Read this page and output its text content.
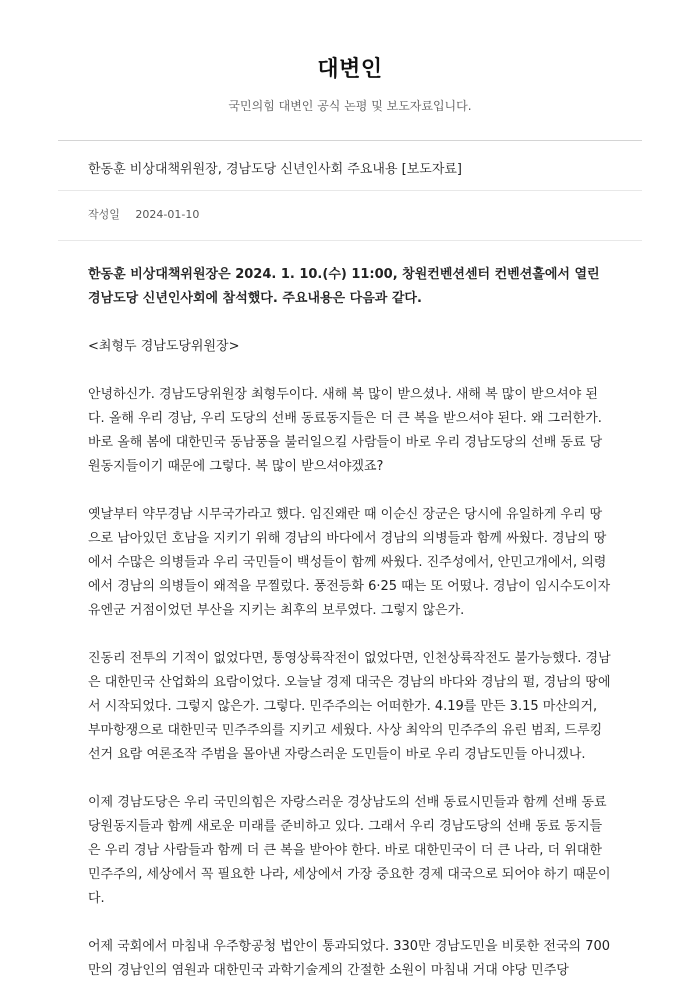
대변인
국민의힘 대변인 공식 논평 및 보도자료입니다.
한동훈 비상대책위원장, 경남도당 신년인사회 주요내용 [보도자료]
작성일 2024-01-10

한동훈 비상대책위원장은 2024. 1. 10.(수) 11:00, 창원컨벤션센터 컨벤션홀에서 열린 경남도당 신년인사회에 참석했다. 주요내용은 다음과 같다.

<최형두 경남도당위원장>

안녕하신가. 경남도당위원장 최형두이다. 새해 복 많이 받으셨나. 새해 복 많이 받으셔야 된다. 올해 우리 경남, 우리 도당의 선배 동료동지들은 더 큰 복을 받으셔야 된다. 왜 그러한가. 바로 올해 봄에 대한민국 동남풍을 불러일으킬 사람들이 바로 우리 경남도당의 선배 동료 당원동지들이기 때문에 그렇다. 복 많이 받으셔야겠죠?

옛날부터 약무경남 시무국가라고 했다. 임진왜란 때 이순신 장군은 당시에 유일하게 우리 땅으로 남아있던 호남을 지키기 위해 경남의 바다에서 경남의 의병들과 함께 싸웠다. 경남의 땅에서 수많은 의병들과 우리 국민들이 백성들이 함께 싸웠다. 진주성에서, 안민고개에서, 의령에서 경남의 의병들이 왜적을 무찔렀다. 풍전등화 6·25 때는 또 어떴나. 경남이 임시수도이자 유엔군 거점이었던 부산을 지키는 최후의 보루였다. 그렇지 않은가.

진동리 전투의 기적이 없었다면, 통영상륙작전이 없었다면, 인천상륙작전도 불가능했다. 경남은 대한민국 산업화의 요람이었다. 오늘날 경제 대국은 경남의 바다와 경남의 펄, 경남의 땅에서 시작되었다. 그렇지 않은가. 그렇다. 민주주의는 어떠한가. 4.19를 만든 3.15 마산의거, 부마항쟁으로 대한민국 민주주의를 지키고 세웠다. 사상 최악의 민주주의 유린 범죄, 드루킹 선거 요람 여론조작 주범을 몰아낸 자랑스러운 도민들이 바로 우리 경남도민들 아니겠나.

이제 경남도당은 우리 국민의힘은 자랑스러운 경상남도의 선배 동료시민들과 함께 선배 동료 당원동지들과 함께 새로운 미래를 준비하고 있다. 그래서 우리 경남도당의 선배 동료 동지들은 우리 경남 사람들과 함께 더 큰 복을 받아야 한다. 바로 대한민국이 더 큰 나라, 더 위대한 민주주의, 세상에서 꼭 필요한 나라, 세상에서 가장 중요한 경제 대국으로 되어야 하기 때문이다.

어제 국회에서 마침내 우주항공청 법안이 통과되었다. 330만 경남도민을 비롯한 전국의 700만의 경남인의 염원과 대한민국 과학기술계의 간절한 소원이 마침내 거대 야당 민주당
